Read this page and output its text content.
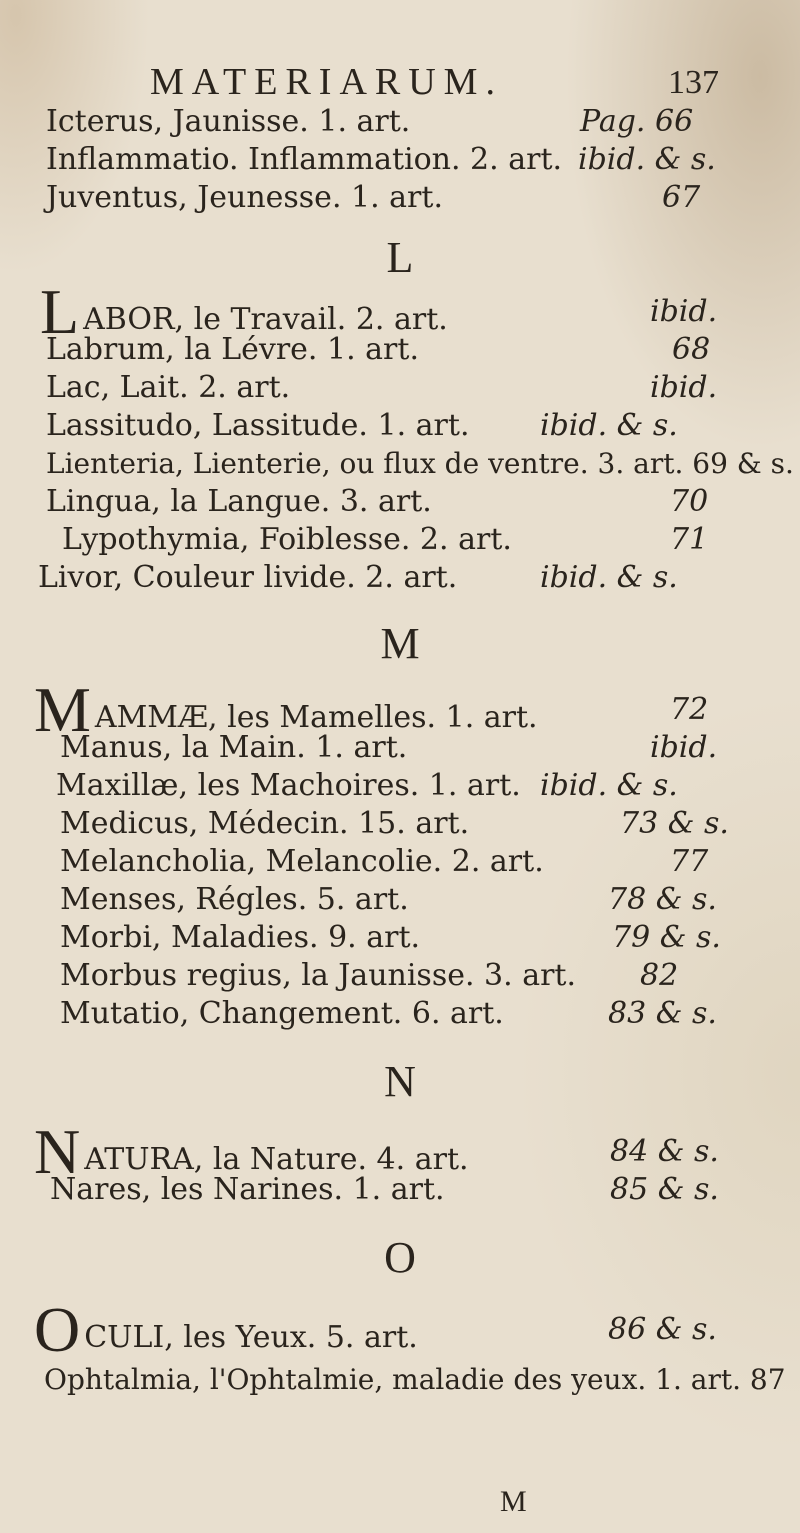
MATERIARUM.	137
Icterus, Jaunisse. 1. art.	Pag. 66
Inflammatio. Inflammation. 2. art. ibid. & s.
Juventus, Jeunesse. 1. art.	67
L
LABOR, le Travail. 2. art.	ibid.
Labrum, la Lévre. 1. art.	68
Lac, Lait. 2. art.	ibid.
Lassitudo, Lassitude. 1. art. ibid. & s.
Lienteria, Lienterie, ou flux de ventre. 3. art. 69 & s.
Lingua, la Langue. 3. art.	70
Lypothymia, Foiblesse. 2. art.	71
Livor, Couleur livide. 2. art.	ibid. & s.
M
MAMMÆ, les Mamelles. 1. art.	72
Manus, la Main. 1. art.	ibid.
Maxillæ, les Machoires. 1. art. ibid. & s.
Medicus, Médecin. 15. art.	73 & s.
Melancholia, Melancolie. 2. art.	77
Menses, Régles. 5. art.	78 & s.
Morbi, Maladies. 9. art.	79 & s.
Morbus regius, la Jaunisse. 3. art. 82
Mutatio, Changement. 6. art.	83 & s.
N
NATURA, la Nature. 4. art.	84 & s.
Nares, les Narines. 1. art.	85 & s.
O
OCULI, les Yeux. 5. art.	86 & s.
Ophtalmia, l'Ophtalmie, maladie des yeux. 1. art. 87
M
